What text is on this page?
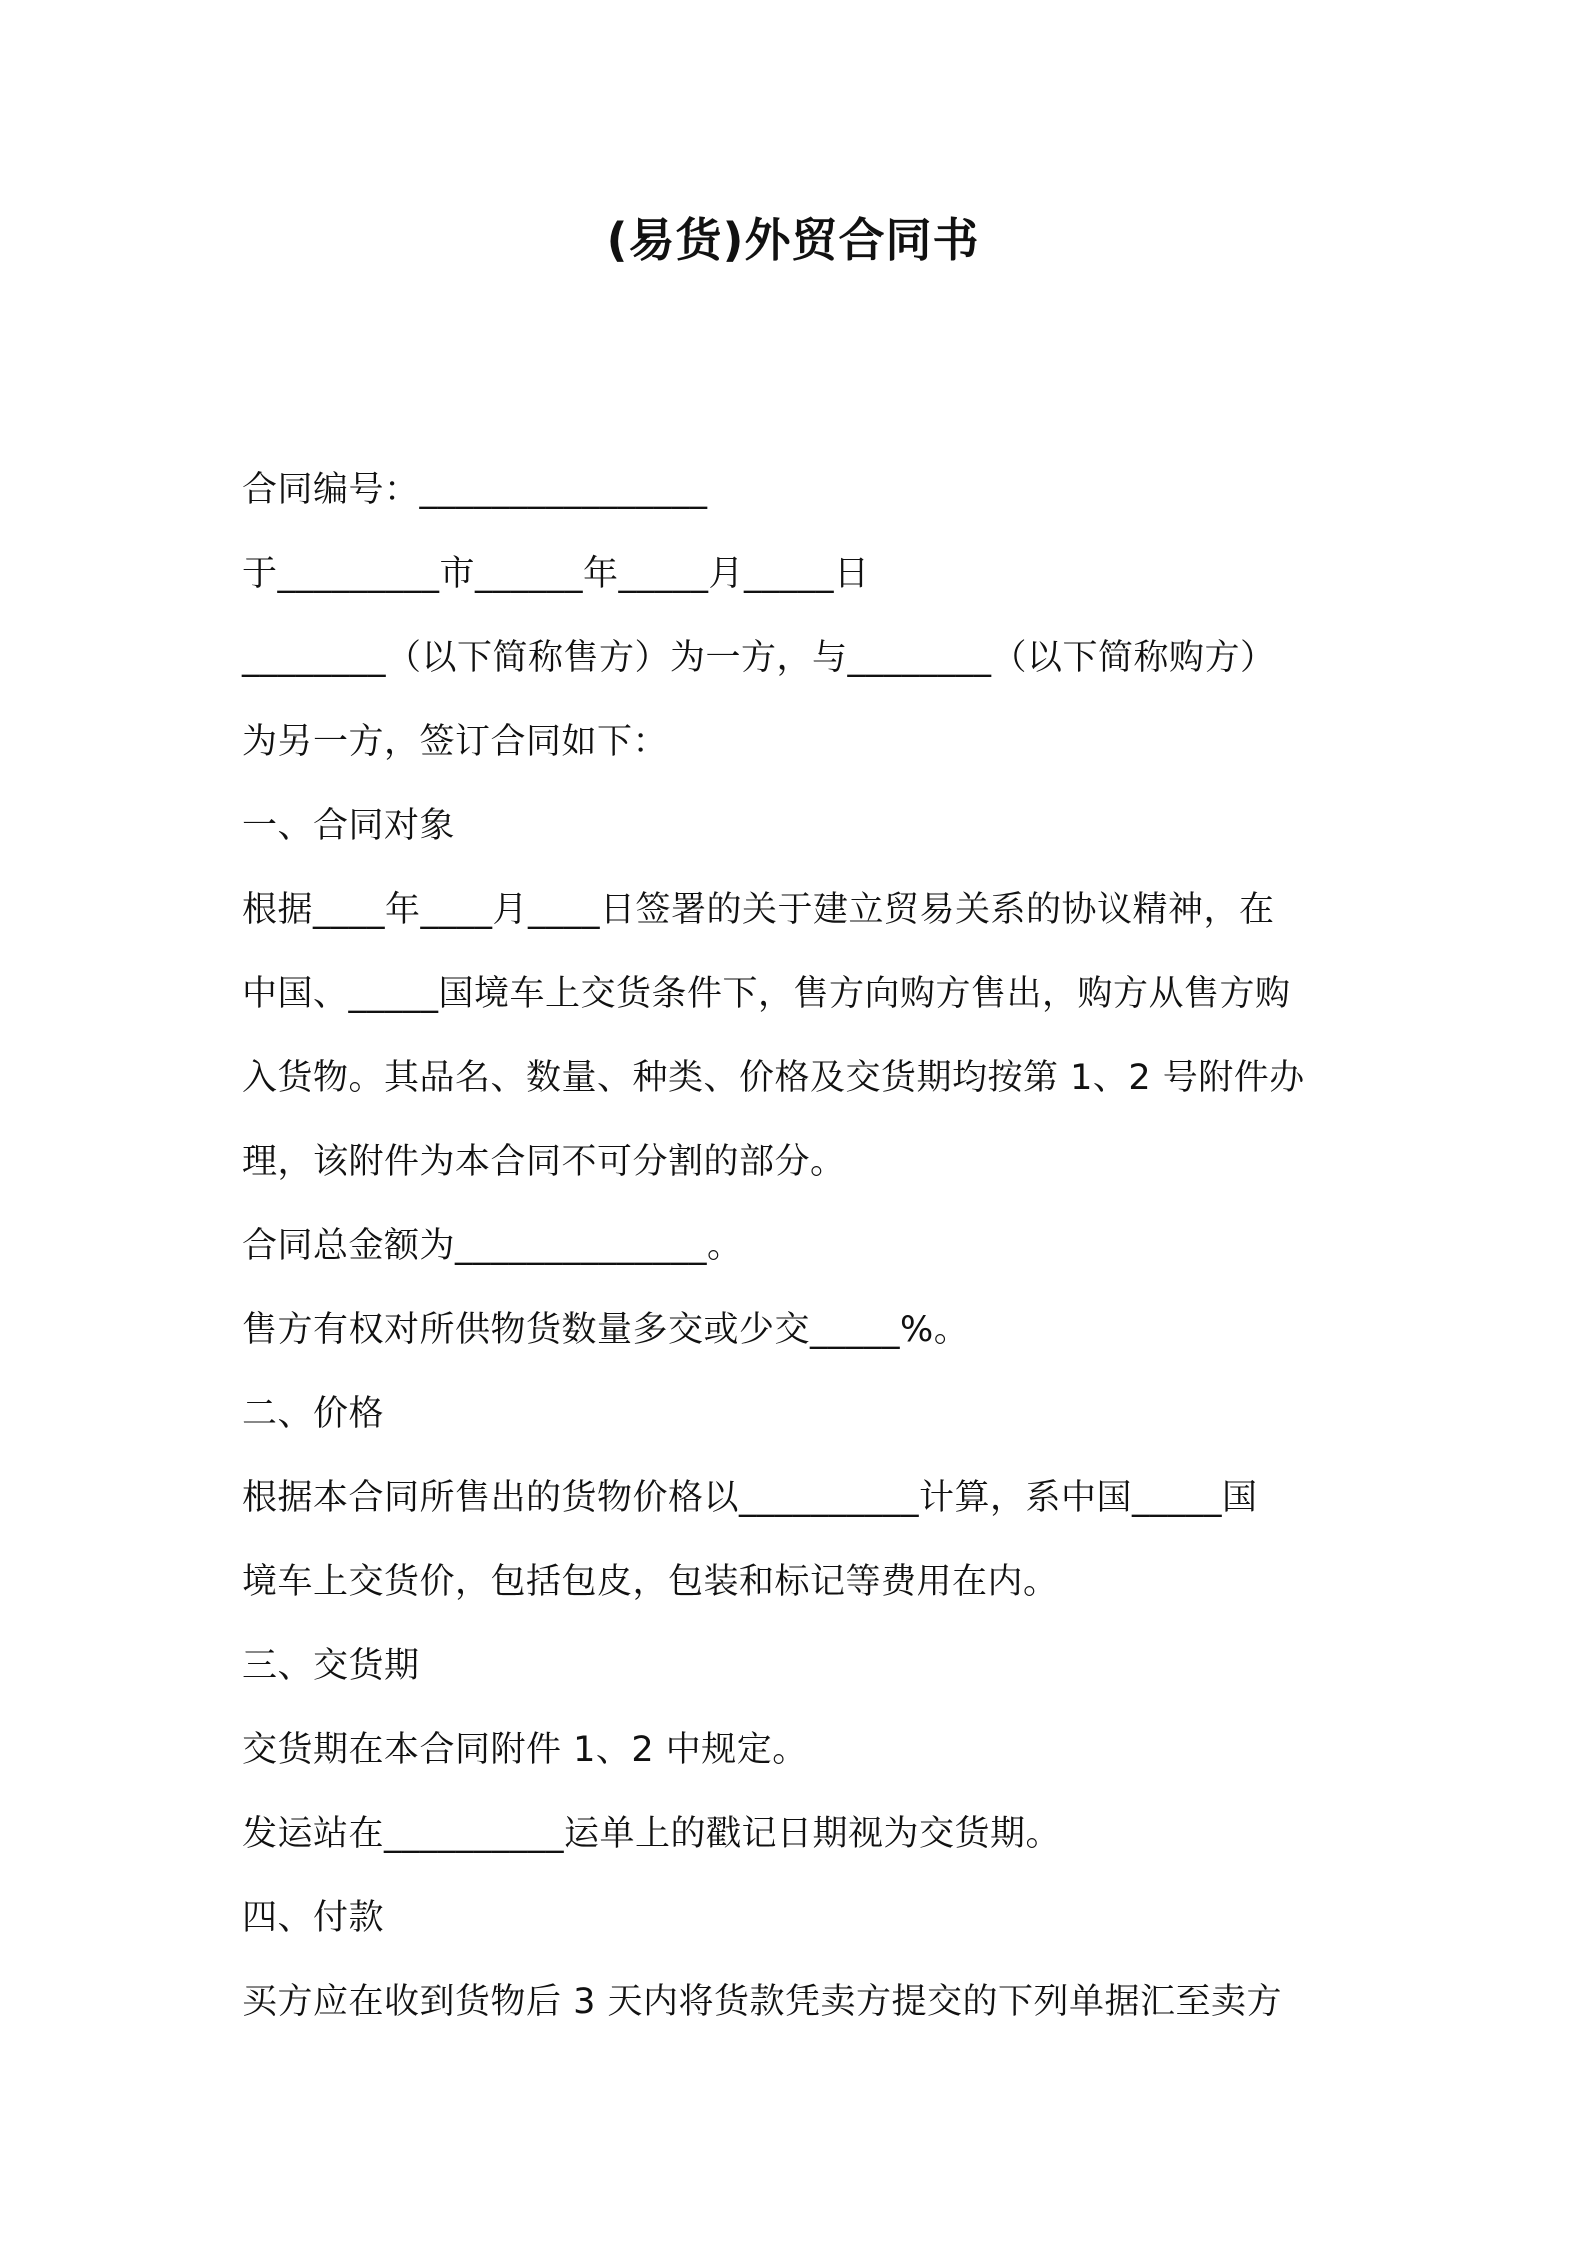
(易货)外贸合同书
合同编号：________________
于_________市______年_____月_____日
________（以下简称售方）为一方，与________（以下简称购方）
为另一方，签订合同如下：
一、合同对象
根据____年____月____日签署的关于建立贸易关系的协议精神，在
中国、_____国境车上交货条件下，售方向购方售出，购方从售方购
入货物。其品名、数量、种类、价格及交货期均按第 1、2 号附件办
理，该附件为本合同不可分割的部分。
合同总金额为______________。
售方有权对所供物货数量多交或少交_____%。
二、价格
根据本合同所售出的货物价格以__________计算，系中国_____国
境车上交货价，包括包皮，包装和标记等费用在内。
三、交货期
交货期在本合同附件 1、2 中规定。
发运站在__________运单上的戳记日期视为交货期。
四、付款
买方应在收到货物后 3 天内将货款凭卖方提交的下列单据汇至卖方
